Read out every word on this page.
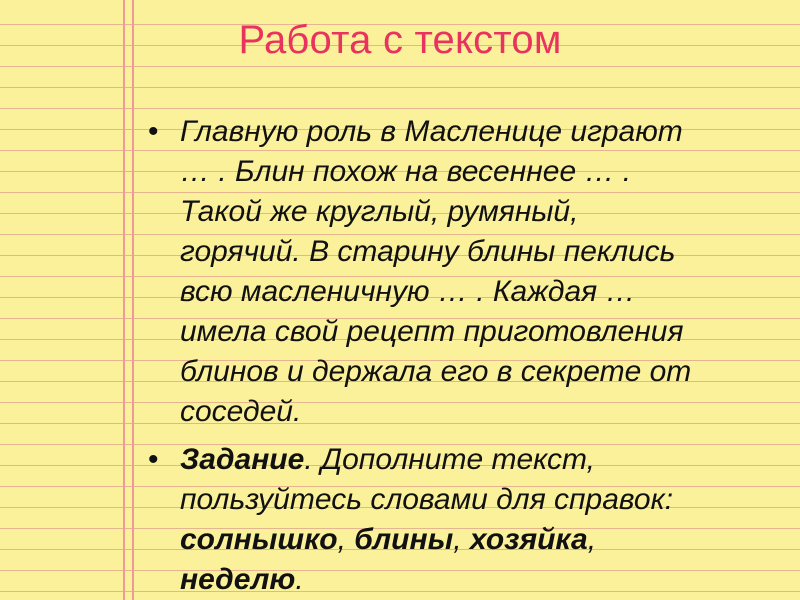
Работа с текстом
• Главную роль в Масленице играют
… . Блин похож на весеннее … .
Такой же круглый, румяный,
горячий. В старину блины пеклись
всю масленичную … . Каждая …
имела свой рецепт приготовления
блинов и держала его в секрете от
соседей.
• Задание. Дополните текст,
пользуйтесь словами для справок:
солнышко, блины, хозяйка,
неделю.
